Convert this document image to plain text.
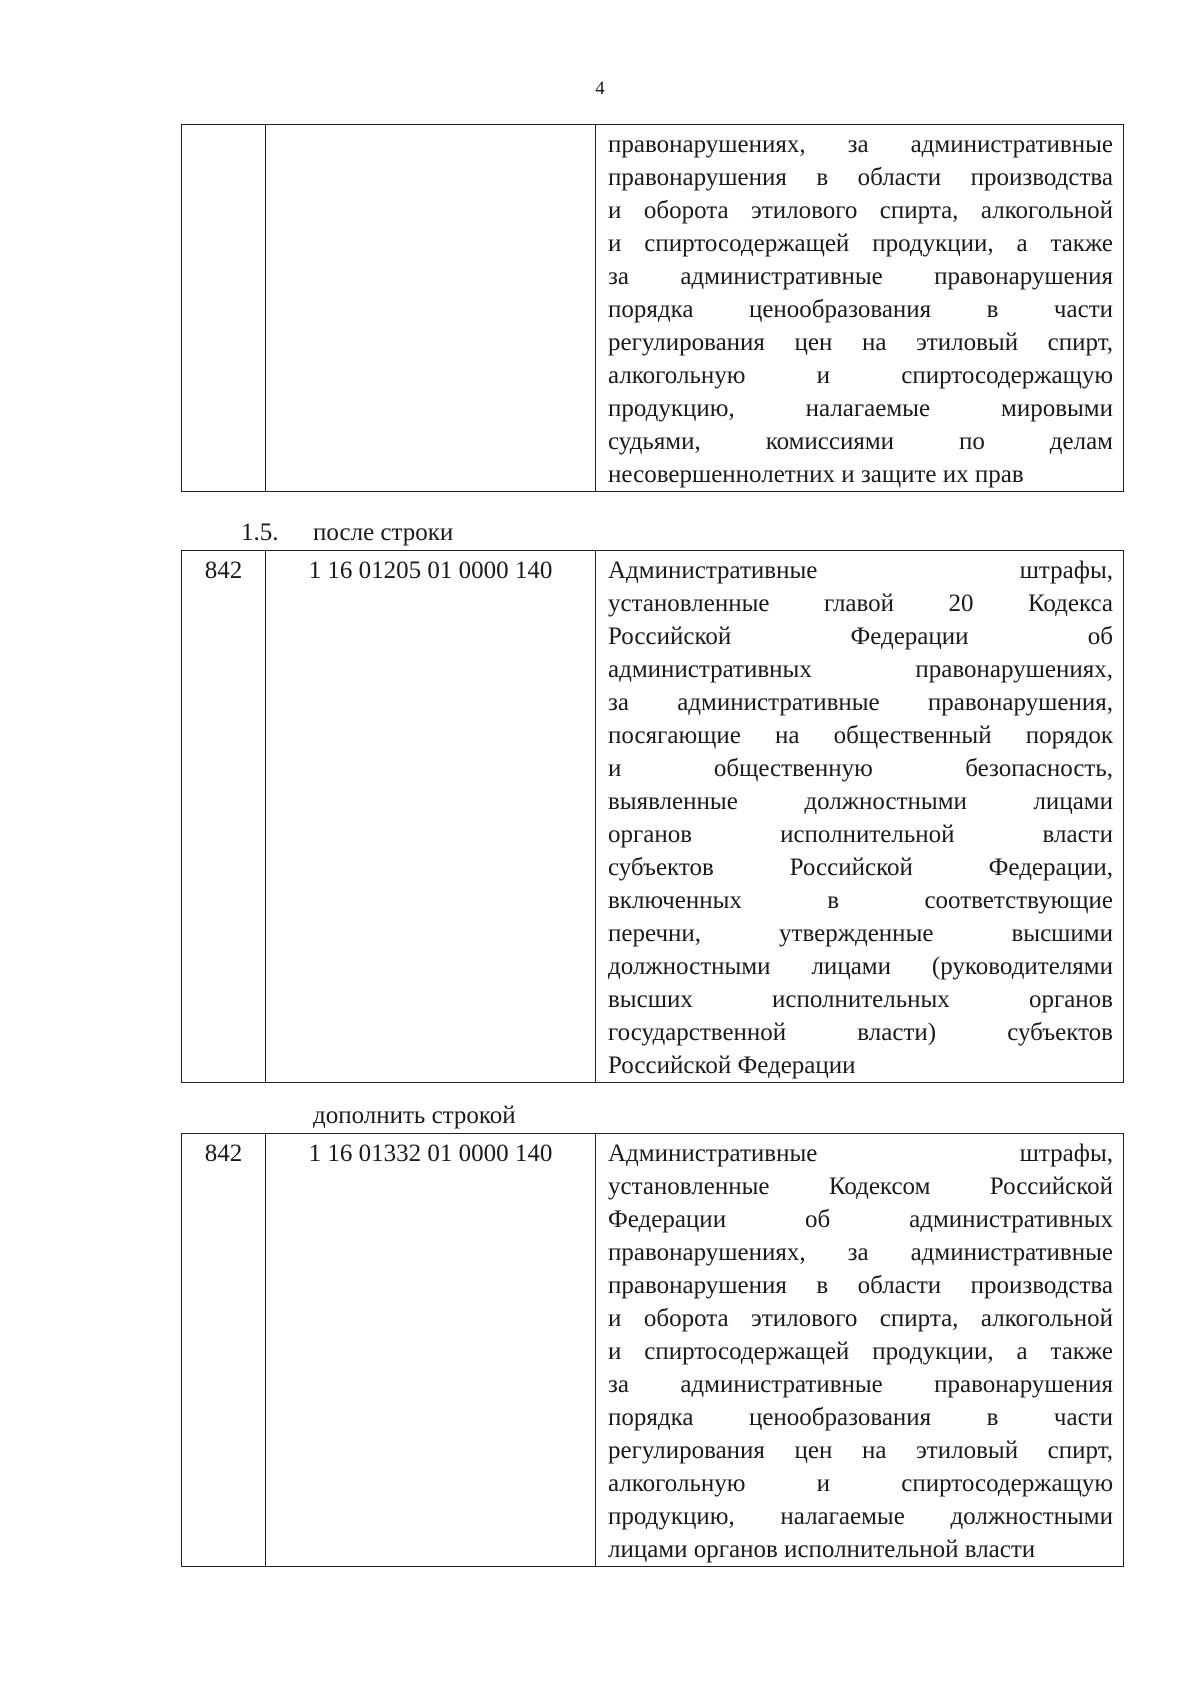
4

правонарушениях, за административные
правонарушения в области производства
и оборота этилового спирта, алкогольной
и спиртосодержащей продукции, а также
за административные правонарушения
порядка ценообразования в части
регулирования цен на этиловый спирт,
алкогольную и спиртосодержащую
продукцию, налагаемые мировыми
судьями, комиссиями по делам
несовершеннолетних и защите их прав
1.5. после строки
842	1 16 01205 01 0000 140	Административные штрафы,
установленные главой 20 Кодекса
Российской Федерации об
административных правонарушениях,
за административные правонарушения,
посягающие на общественный порядок
и общественную безопасность,
выявленные должностными лицами
органов исполнительной власти
субъектов Российской Федерации,
включенных в соответствующие
перечни, утвержденные высшими
должностными лицами (руководителями
высших исполнительных органов
государственной власти) субъектов
Российской Федерации
дополнить строкой
842	1 16 01332 01 0000 140	Административные штрафы,
установленные Кодексом Российской
Федерации об административных
правонарушениях, за административные
правонарушения в области производства
и оборота этилового спирта, алкогольной
и спиртосодержащей продукции, а также
за административные правонарушения
порядка ценообразования в части
регулирования цен на этиловый спирт,
алкогольную и спиртосодержащую
продукцию, налагаемые должностными
лицами органов исполнительной власти
